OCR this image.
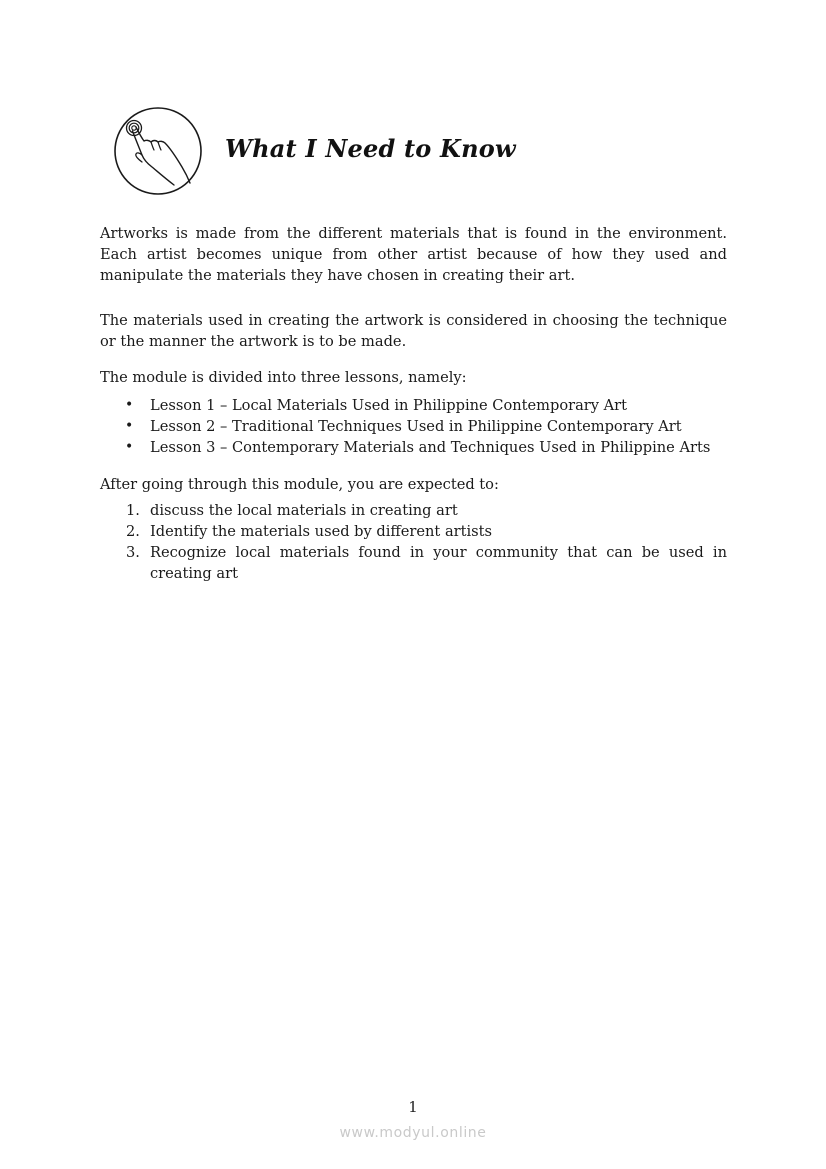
What I Need to Know

Artworks is made from the different materials that is found in the environment. Each artist becomes unique from other artist because of how they used and manipulate the materials they have chosen in creating their art.

The materials used in creating the artwork is considered in choosing the technique or the manner the artwork is to be made.

The module is divided into three lessons, namely:

• Lesson 1 – Local Materials Used in Philippine Contemporary Art
• Lesson 2 – Traditional Techniques Used in Philippine Contemporary Art
• Lesson 3 – Contemporary Materials and Techniques Used in Philippine Arts

After going through this module, you are expected to:

1. discuss the local materials in creating art
2. Identify the materials used by different artists
3. Recognize local materials found in your community that can be used in creating art
1
www.modyul.online
